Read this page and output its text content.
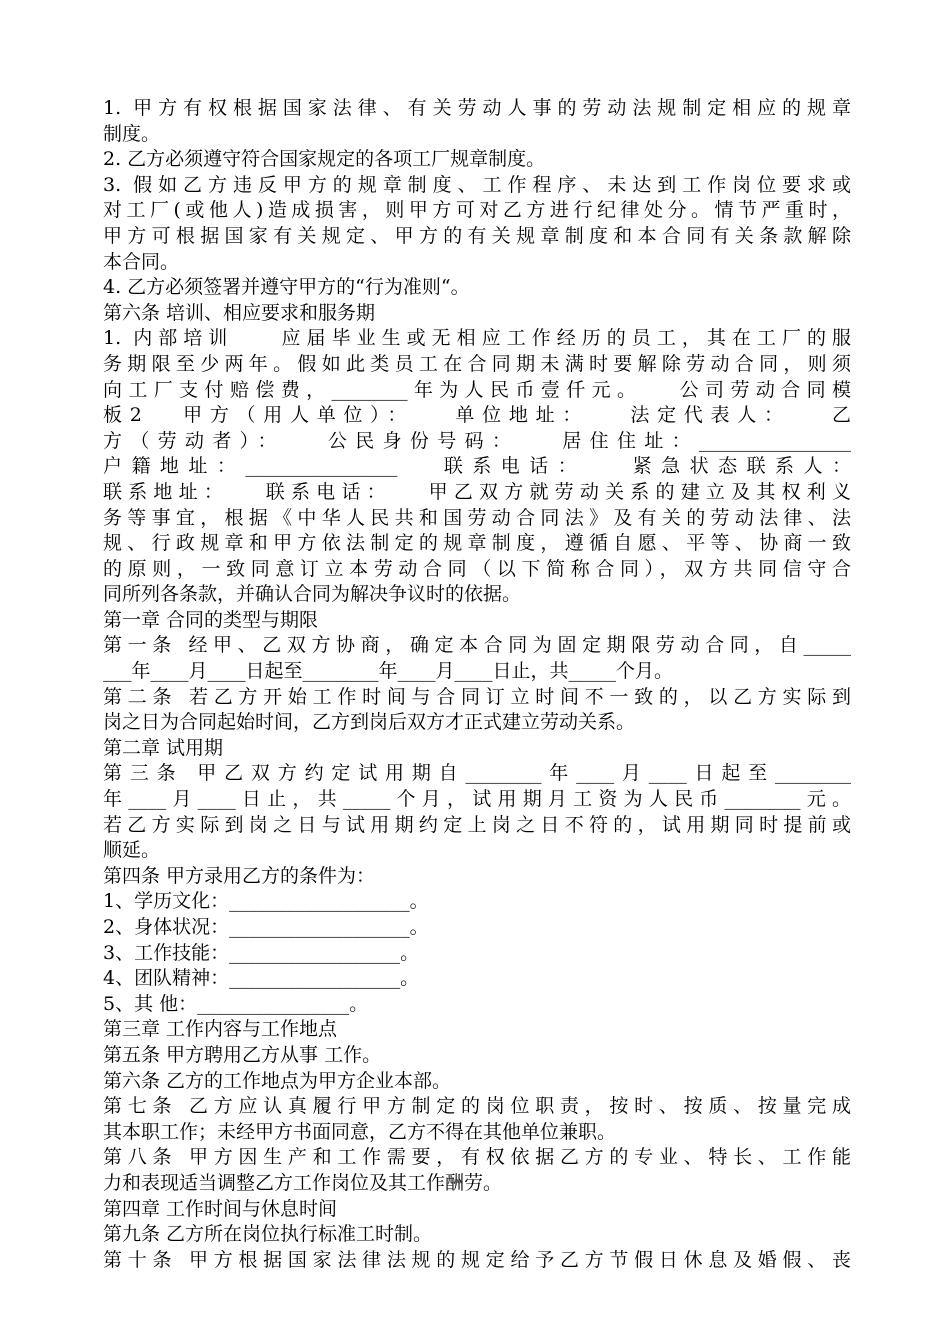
1. 甲方有权根据国家法律、有关劳动人事的劳动法规制定相应的规章
制度。
2. 乙方必须遵守符合国家规定的各项工厂规章制度。
3. 假如乙方违反甲方的规章制度、工作程序、未达到工作岗位要求或
对工厂(或他人)造成损害，则甲方可对乙方进行纪律处分。情节严重时，
甲方可根据国家有关规定、甲方的有关规章制度和本合同有关条款解除
本合同。
4. 乙方必须签署并遵守甲方的“行为准则“。
第六条 培训、相应要求和服务期
1. 内部培训    应届毕业生或无相应工作经历的员工，其在工厂的服
务期限至少两年。假如此类员工在合同期未满时要解除劳动合同，则须
向工厂支付赔偿费，________年为人民币壹仟元。   公司劳动合同模
板2   甲方（用人单位）：   单位地址：   法定代表人：   乙
方（劳动者）：   公民身份号码：   居住住址：________________
户籍地址：________________   联系电话：   紧急状态联系人：
联系地址：   联系电话：   甲乙双方就劳动关系的建立及其权利义
务等事宜，根据《中华人民共和国劳动合同法》及有关的劳动法律、法
规、行政规章和甲方依法制定的规章制度，遵循自愿、平等、协商一致
的原则，一致同意订立本劳动合同（以下简称合同），双方共同信守合
同所列各条款，并确认合同为解决争议时的依据。
第一章 合同的类型与期限
第一条 经甲、乙双方协商，确定本合同为固定期限劳动合同，自_____
___年____月____日起至________年____月____日止，共_____个月。
第二条 若乙方开始工作时间与合同订立时间不一致的，以乙方实际到
岗之日为合同起始时间，乙方到岗后双方才正式建立劳动关系。
第二章 试用期
第三条 甲乙双方约定试用期自________年____月____日起至________
年____月____日止，共_____个月，试用期月工资为人民币________元。
若乙方实际到岗之日与试用期约定上岗之日不符的，试用期同时提前或
顺延。
第四条 甲方录用乙方的条件为：
1、学历文化：___________________。
2、身体状况：___________________。
3、工作技能：__________________。
4、团队精神：__________________。
5、其 他：________________。
第三章 工作内容与工作地点
第五条 甲方聘用乙方从事 工作。
第六条 乙方的工作地点为甲方企业本部。
第七条 乙方应认真履行甲方制定的岗位职责，按时、按质、按量完成
其本职工作；未经甲方书面同意，乙方不得在其他单位兼职。
第八条 甲方因生产和工作需要，有权依据乙方的专业、特长、工作能
力和表现适当调整乙方工作岗位及其工作酬劳。
第四章 工作时间与休息时间
第九条 乙方所在岗位执行标准工时制。
第十条 甲方根据国家法律法规的规定给予乙方节假日休息及婚假、丧
